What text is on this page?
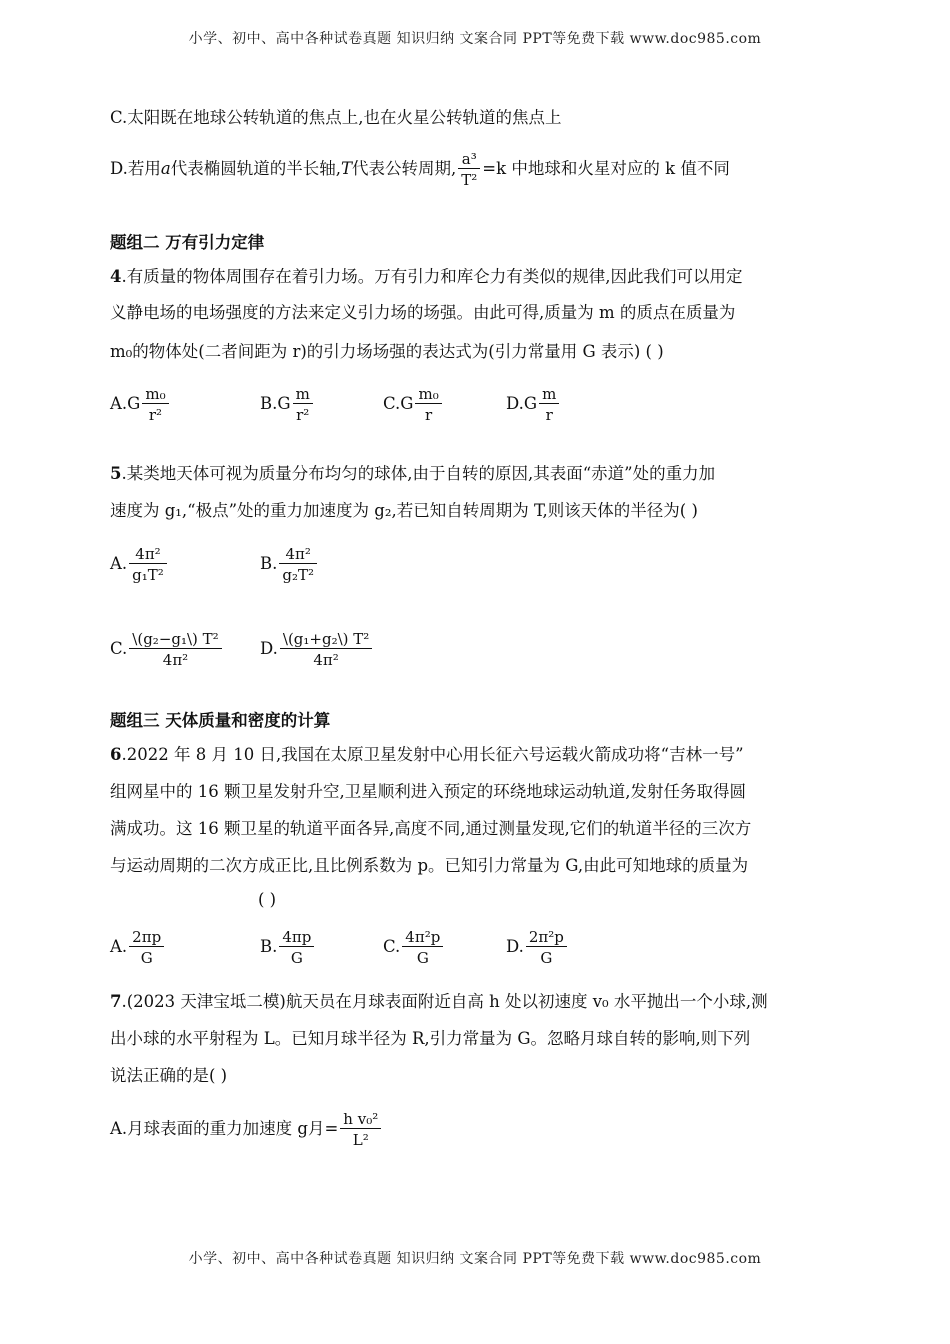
小学、初中、高中各种试卷真题 知识归纳 文案合同 PPT等免费下载 www.doc985.com
C.太阳既在地球公转轨道的焦点上,也在火星公转轨道的焦点上
D.若用a代表椭圆轨道的半长轴,T代表公转周期, $\frac{\text{a³}}{\text{T²}} =k$ 中地球和火星对应的 k 值不同
题组二 万有引力定律
4.有质量的物体周围存在着引力场。万有引力和库仑力有类似的规律,因此我们可以用定
义静电场的电场强度的方法来定义引力场的场强。由此可得,质量为 m 的质点在质量为
m₀的物体处(二者间距为 r)的引力场场强的表达式为(引力常量用 G 表示) ( )
$A.G \frac{\text{m₀}}{\text{r²}}$	$B.G \frac{m}{\text{r²}}$	$C.G \frac{\text{m₀}}{r}$	$D.G \frac{m}{r}$
5.某类地天体可视为质量分布均匀的球体,由于自转的原因,其表面“赤道”处的重力加
速度为 g₁,“极点”处的重力加速度为 g₂,若已知自转周期为 T,则该天体的半径为( )
A. $\frac{\text{4π²}}{\text{g₁T²}}$	B. $\frac{\text{4π²}}{\text{g₂T²}}$
C. $\frac{\text{\textbackslash{}(g₂−g₁\textbackslash{}) T²}}{\text{4π²}} D$. $\frac{\text{\textbackslash{}(g₁+g₂\textbackslash{}) T²}}{\text{4π²}}$
题组三 天体质量和密度的计算
6.2022 年 8 月 10 日,我国在太原卫星发射中心用长征六号运载火箭成功将“吉林一号”
组网星中的 16 颗卫星发射升空,卫星顺利进入预定的环绕地球运动轨道,发射任务取得圆
满成功。这 16 颗卫星的轨道平面各异,高度不同,通过测量发现,它们的轨道半径的三次方
与运动周期的二次方成正比,且比例系数为 p。已知引力常量为 G,由此可知地球的质量为
( )
A. $\frac{2\pi p}{G}$	B. $\frac{4\pi p}{G}$	C. $\frac{\text{4π²p}}{G}$	D. $\frac{\text{2π²p}}{G}$
7.(2023 天津宝坻二模)航天员在月球表面附近自高 h 处以初速度 v₀ 水平抛出一个小球,测
出小球的水平射程为 L。已知月球半径为 R,引力常量为 G。忽略月球自转的影响,则下列
说法正确的是( )
A.月球表面的重力加速度 g月= $\frac{\text{h v₀²}}{\text{L²}}$
小学、初中、高中各种试卷真题 知识归纳 文案合同 PPT等免费下载 www.doc985.com
